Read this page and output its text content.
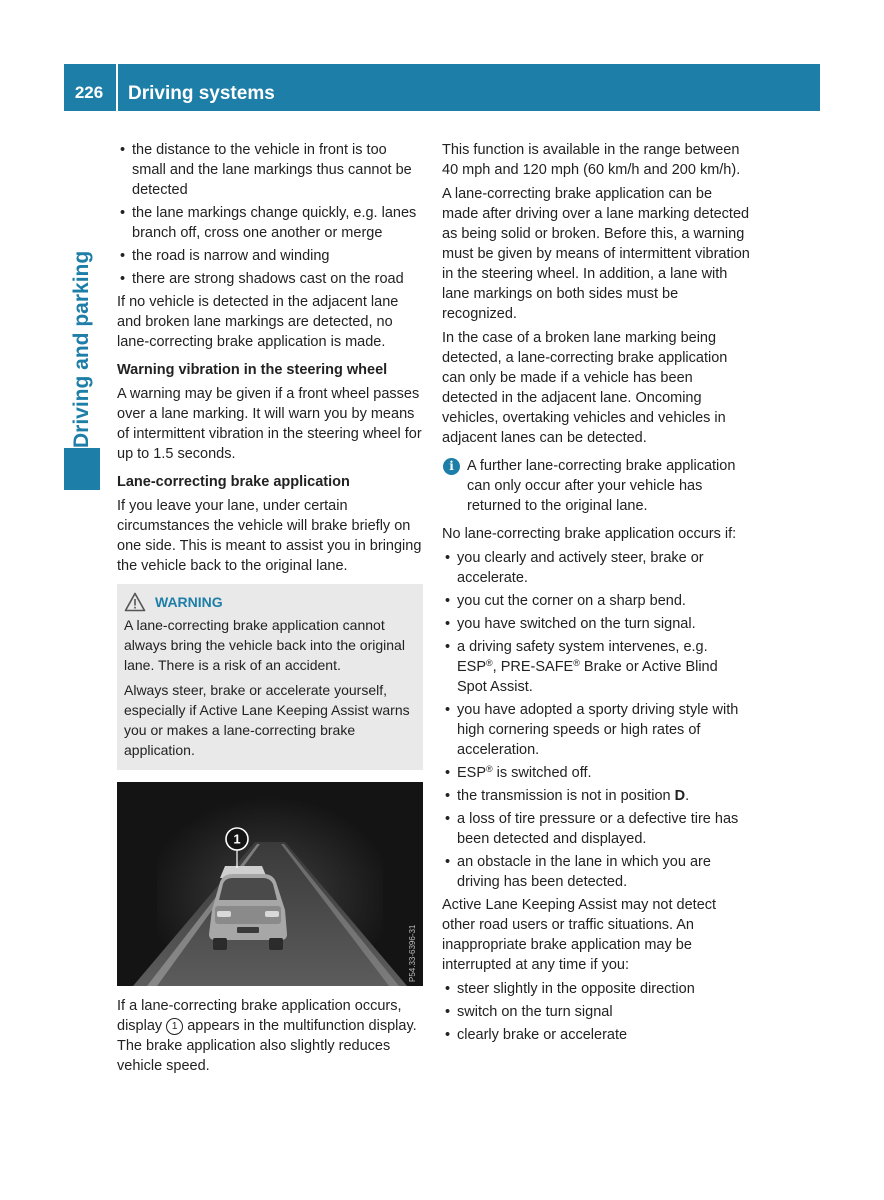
226	Driving systems
Driving and parking
• the distance to the vehicle in front is too small and the lane markings thus cannot be detected
• the lane markings change quickly, e.g. lanes branch off, cross one another or merge
• the road is narrow and winding
• there are strong shadows cast on the road

If no vehicle is detected in the adjacent lane and broken lane markings are detected, no lane-correcting brake application is made.

Warning vibration in the steering wheel

A warning may be given if a front wheel passes over a lane marking. It will warn you by means of intermittent vibration in the steering wheel for up to 1.5 seconds.

Lane-correcting brake application

If you leave your lane, under certain circumstances the vehicle will brake briefly on one side. This is meant to assist you in bringing the vehicle back to the original lane.

WARNING

A lane-correcting brake application cannot always bring the vehicle back into the original lane. There is a risk of an accident.

Always steer, brake or accelerate yourself, especially if Active Lane Keeping Assist warns you or makes a lane-correcting brake application.

1
P54.33-6396-31

If a lane-correcting brake application occurs, display 1 appears in the multifunction display. The brake application also slightly reduces vehicle speed.

This function is available in the range between 40 mph and 120 mph (60 km/h and 200 km/h).

A lane-correcting brake application can be made after driving over a lane marking detected as being solid or broken. Before this, a warning must be given by means of intermittent vibration in the steering wheel. In addition, a lane with lane markings on both sides must be recognized.

In the case of a broken lane marking being detected, a lane-correcting brake application can only be made if a vehicle has been detected in the adjacent lane. Oncoming vehicles, overtaking vehicles and vehicles in adjacent lanes can be detected.

i A further lane-correcting brake application can only occur after your vehicle has returned to the original lane.

No lane-correcting brake application occurs if:

• you clearly and actively steer, brake or accelerate.
• you cut the corner on a sharp bend.
• you have switched on the turn signal.
• a driving safety system intervenes, e.g. ESP®, PRE-SAFE® Brake or Active Blind Spot Assist.
• you have adopted a sporty driving style with high cornering speeds or high rates of acceleration.
• ESP® is switched off.
• the transmission is not in position D.
• a loss of tire pressure or a defective tire has been detected and displayed.
• an obstacle in the lane in which you are driving has been detected.

Active Lane Keeping Assist may not detect other road users or traffic situations. An inappropriate brake application may be interrupted at any time if you:

• steer slightly in the opposite direction
• switch on the turn signal
• clearly brake or accelerate
